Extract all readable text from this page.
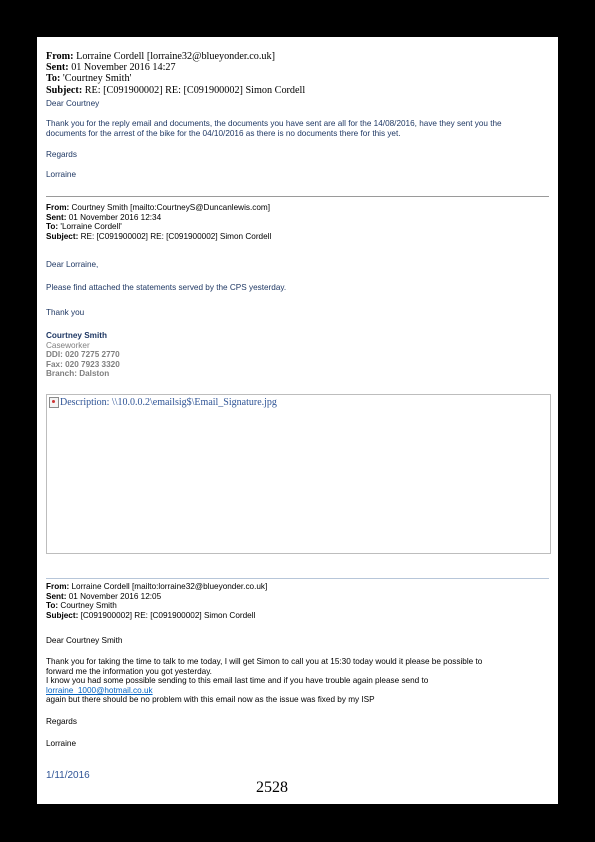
From: Lorraine Cordell [lorraine32@blueyonder.co.uk]
Sent: 01 November 2016 14:27
To: 'Courtney Smith'
Subject: RE: [C091900002] RE: [C091900002] Simon Cordell
Dear Courtney
Thank you for the reply email and documents, the documents you have sent are all for the 14/08/2016, have they sent you the
documents for the arrest of the bike for the 04/10/2016 as there is no documents there for this yet.
Regards
Lorraine
From: Courtney Smith [mailto:CourtneyS@Duncanlewis.com]
Sent: 01 November 2016 12:34
To: 'Lorraine Cordell'
Subject: RE: [C091900002] RE: [C091900002] Simon Cordell
Dear Lorraine,
Please find attached the statements served by the CPS yesterday.
Thank you
Courtney Smith
Caseworker
DDI: 020 7275 2770
Fax: 020 7923 3320
Branch: Dalston
Description: \\10.0.0.2\emailsig$\Email_Signature.jpg
From: Lorraine Cordell [mailto:lorraine32@blueyonder.co.uk]
Sent: 01 November 2016 12:05
To: Courtney Smith
Subject: [C091900002] RE: [C091900002] Simon Cordell
Dear Courtney Smith
Thank you for taking the time to talk to me today, I will get Simon to call you at 15:30 today would it please be possible to
forward me the information you got yesterday.
I know you had some possible sending to this email last time and if you have trouble again please send to
lorraine_1000@hotmail.co.uk
again but there should be no problem with this email now as the issue was fixed by my ISP
Regards
Lorraine
1/11/2016
2528
